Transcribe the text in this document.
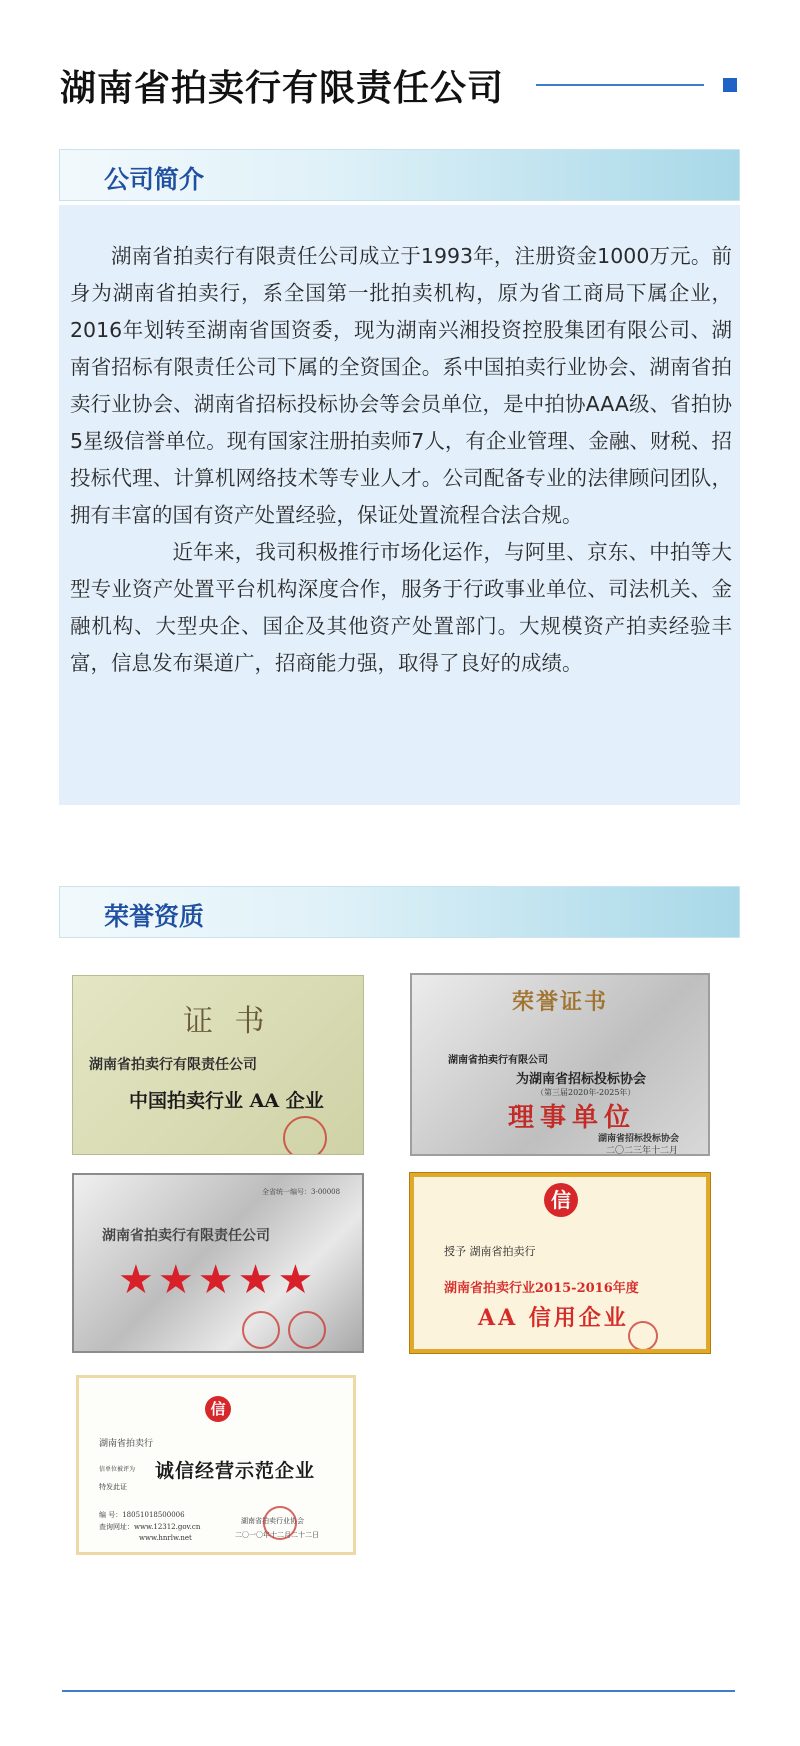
湖南省拍卖行有限责任公司
公司简介

湖南省拍卖行有限责任公司成立于1993年，注册资金1000万元。前身为湖南省拍卖行，系全国第一批拍卖机构，原为省工商局下属企业，2016年划转至湖南省国资委，现为湖南兴湘投资控股集团有限公司、湖南省招标有限责任公司下属的全资国企。系中国拍卖行业协会、湖南省拍卖行业协会、湖南省招标投标协会等会员单位，是中拍协AAA级、省拍协5星级信誉单位。现有国家注册拍卖师7人，有企业管理、金融、财税、招投标代理、计算机网络技术等专业人才。公司配备专业的法律顾问团队，拥有丰富的国有资产处置经验，保证处置流程合法合规。

近年来，我司积极推行市场化运作，与阿里、京东、中拍等大型专业资产处置平台机构深度合作，服务于行政事业单位、司法机关、金融机构、大型央企、国企及其他资产处置部门。大规模资产拍卖经验丰富，信息发布渠道广，招商能力强，取得了良好的成绩。

荣誉资质
证 书
湖南省拍卖行有限责任公司
中国拍卖行业 AA 企业
荣誉证书
湖南省拍卖行有限公司
为湖南省招标投标协会
（第三届2020年-2025年）
理事单位
湖南省招标投标协会
二〇二三年十二月
全省统一编号：3-00008
湖南省拍卖行有限责任公司
★★★★★
信
授予 湖南省拍卖行
湖南省拍卖行业2015-2016年度
AA 信用企业
信
湖南省拍卖行
信单位被评为 诚信经营示范企业
特发此证
编 号：18051018500006
查询网址：www.12312.gov.cn
www.hnrlw.net
湖南省拍卖行业协会
二〇一〇年十二月二十二日
